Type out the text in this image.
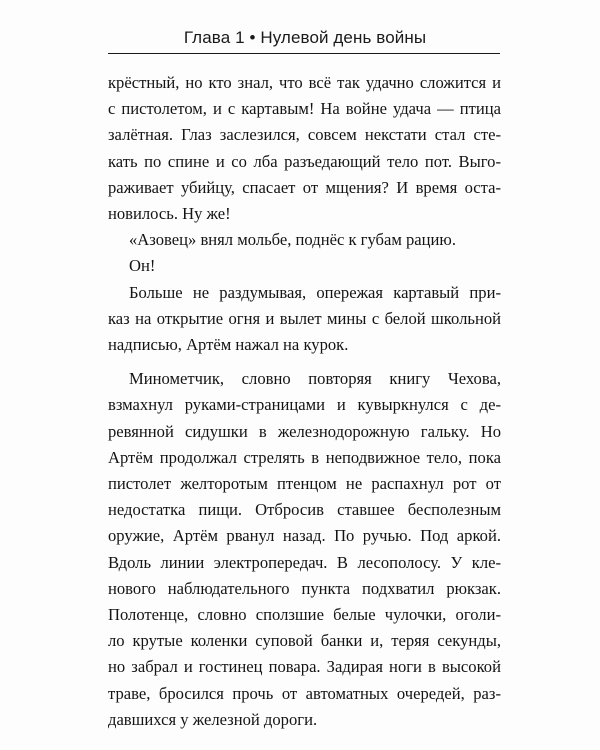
Глава 1 • Нулевой день войны
крёстный, но кто знал, что всё так удачно сложится и
с пистолетом, и с картавым! На войне удача — птица
залётная. Глаз заслезился, совсем некстати стал сте-
кать по спине и со лба разъедающий тело пот. Выго-
раживает убийцу, спасает от мщения? И время оста-
новилось. Ну же!
«Азовец» внял мольбе, поднёс к губам рацию.
Он!
Больше не раздумывая, опережая картавый при-
каз на открытие огня и вылет мины с белой школьной
надписью, Артём нажал на курок.
Минометчик, словно повторяя книгу Чехова,
взмахнул руками-страницами и кувыркнулся с де-
ревянной сидушки в железнодорожную гальку. Но
Артём продолжал стрелять в неподвижное тело, пока
пистолет желторотым птенцом не распахнул рот от
недостатка пищи. Отбросив ставшее бесполезным
оружие, Артём рванул назад. По ручью. Под аркой.
Вдоль линии электропередач. В лесополосу. У кле-
нового наблюдательного пункта подхватил рюкзак.
Полотенце, словно сползшие белые чулочки, оголи-
ло крутые коленки суповой банки и, теряя секунды,
но забрал и гостинец повара. Задирая ноги в высокой
траве, бросился прочь от автоматных очередей, раз-
давшихся у железной дороги.
